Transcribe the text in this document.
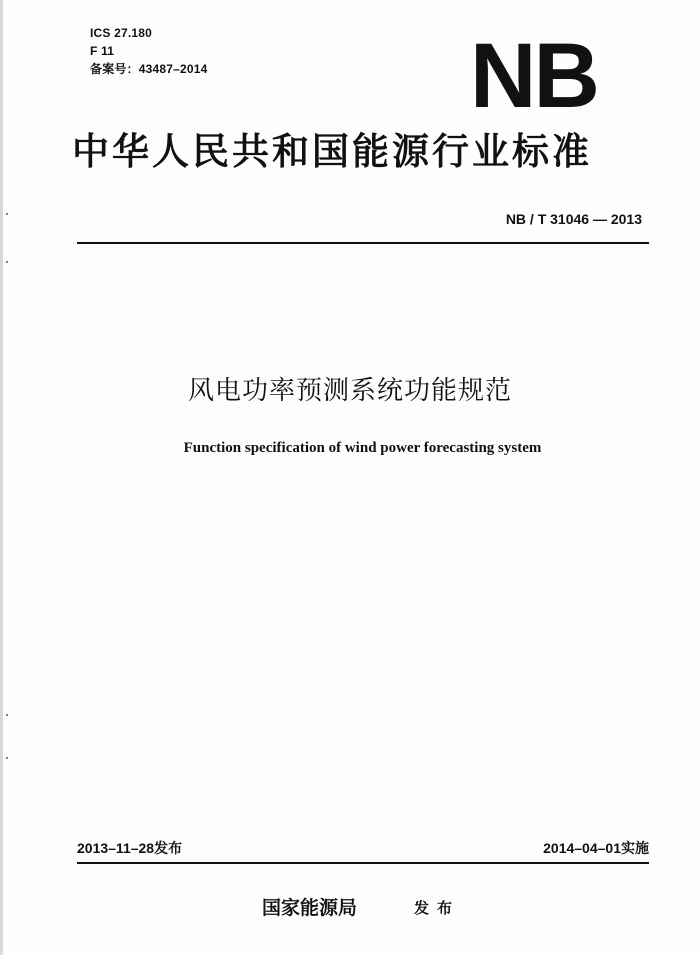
ICS 27.180
F 11
备案号：43487–2014	NB
中华人民共和国能源行业标准
NB / T 31046 — 2013
风电功率预测系统功能规范
Function specification of wind power forecasting system
2013–11–28发布	2014–04–01实施
国家能源局	发布
